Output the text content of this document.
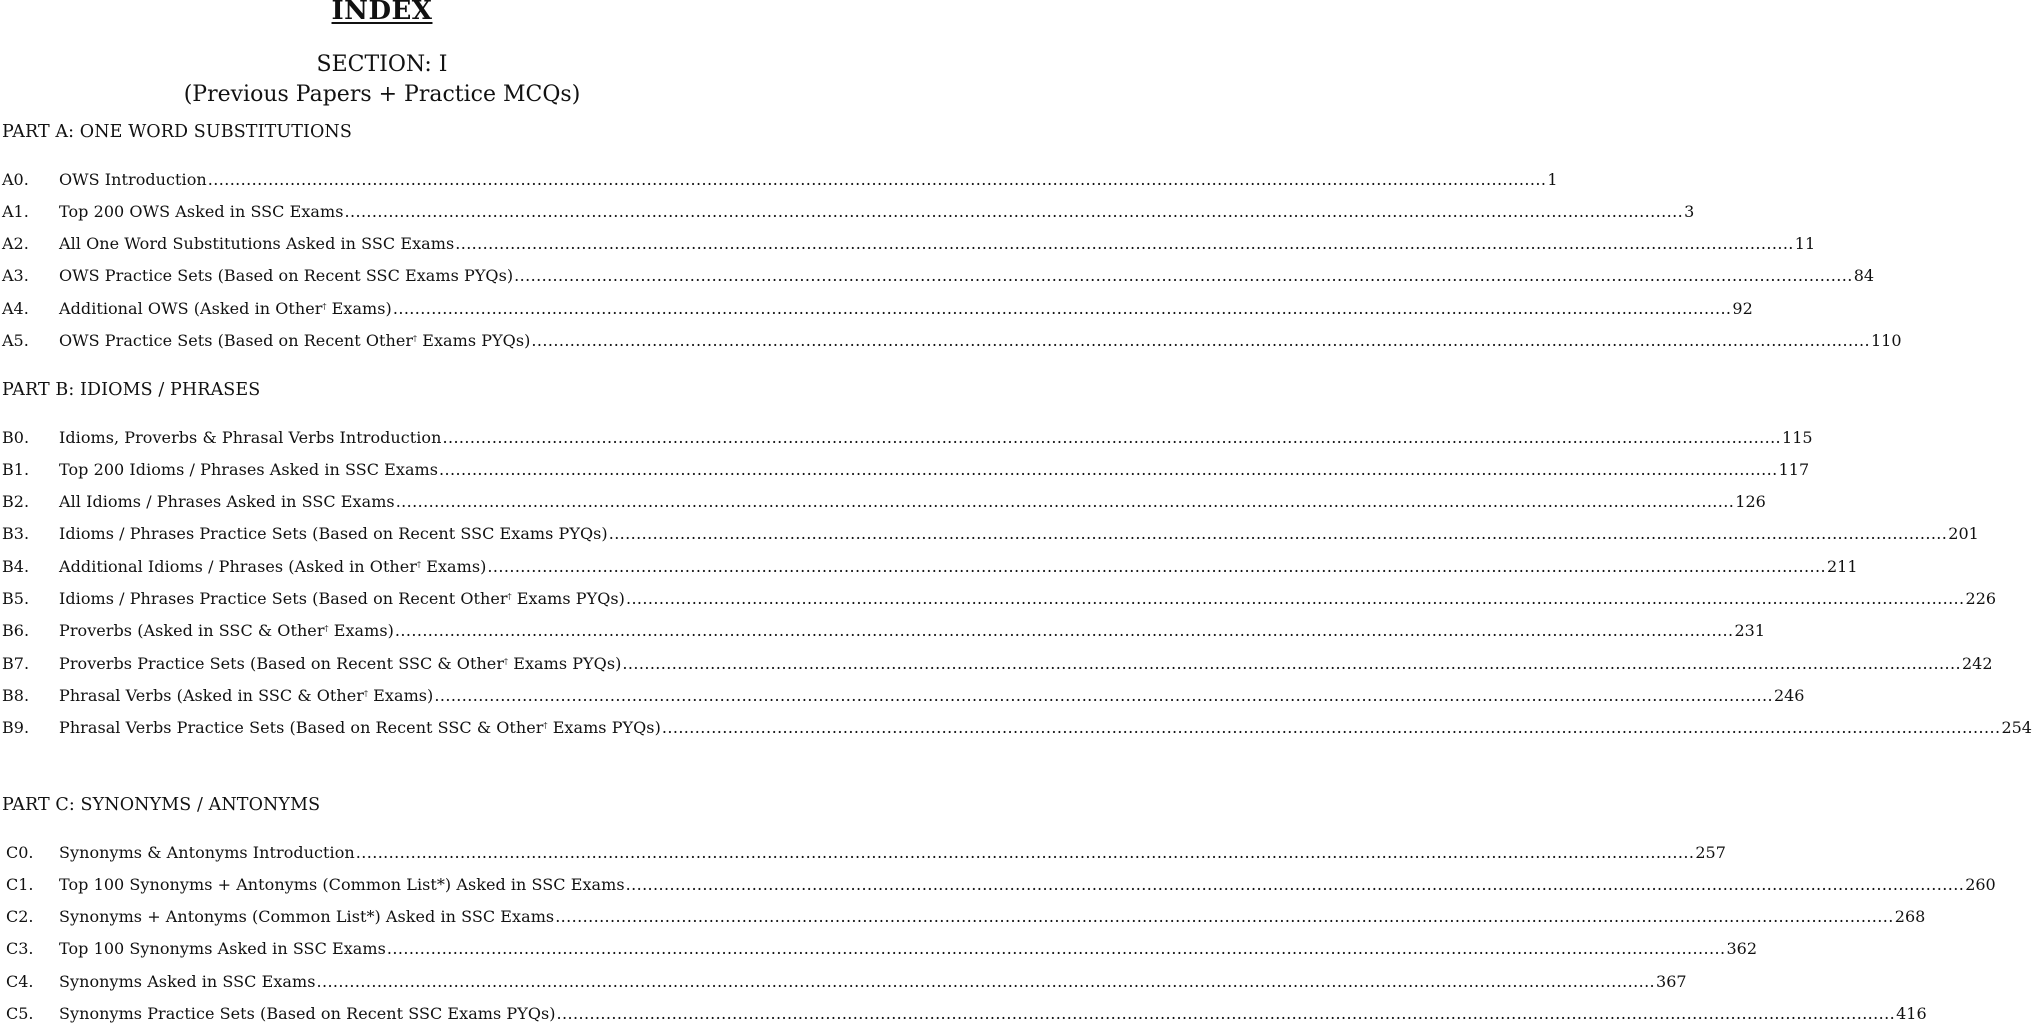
INDEX
SECTION: I
(Previous Papers + Practice MCQs)
PART A: ONE WORD SUBSTITUTIONS
A0. OWS Introduction .....	1
A1. Top 200 OWS Asked in SSC Exams .....	3
A2. All One Word Substitutions Asked in SSC Exams .....	11
A3. OWS Practice Sets (Based on Recent SSC Exams PYQs) .....	84
A4. Additional OWS (Asked in Other† Exams) .....	92
A5. OWS Practice Sets (Based on Recent Other† Exams PYQs) .....	110
PART B: IDIOMS / PHRASES
B0. Idioms, Proverbs & Phrasal Verbs Introduction .....	115
B1. Top 200 Idioms / Phrases Asked in SSC Exams .....	117
B2. All Idioms / Phrases Asked in SSC Exams .....	126
B3. Idioms / Phrases Practice Sets (Based on Recent SSC Exams PYQs) .....	201
B4. Additional Idioms / Phrases (Asked in Other† Exams) .....	211
B5. Idioms / Phrases Practice Sets (Based on Recent Other† Exams PYQs) .....	226
B6. Proverbs (Asked in SSC & Other† Exams) .....	231
B7. Proverbs Practice Sets (Based on Recent SSC & Other† Exams PYQs) .....	242
B8. Phrasal Verbs (Asked in SSC & Other† Exams) .....	246
B9. Phrasal Verbs Practice Sets (Based on Recent SSC & Other† Exams PYQs) .....	254
PART C: SYNONYMS / ANTONYMS
C0. Synonyms & Antonyms Introduction .....	257
C1. Top 100 Synonyms + Antonyms (Common List*) Asked in SSC Exams .....	260
C2. Synonyms + Antonyms (Common List*) Asked in SSC Exams .....	268
C3. Top 100 Synonyms Asked in SSC Exams .....	362
C4. Synonyms Asked in SSC Exams .....	367
C5. Synonyms Practice Sets (Based on Recent SSC Exams PYQs) .....	416
